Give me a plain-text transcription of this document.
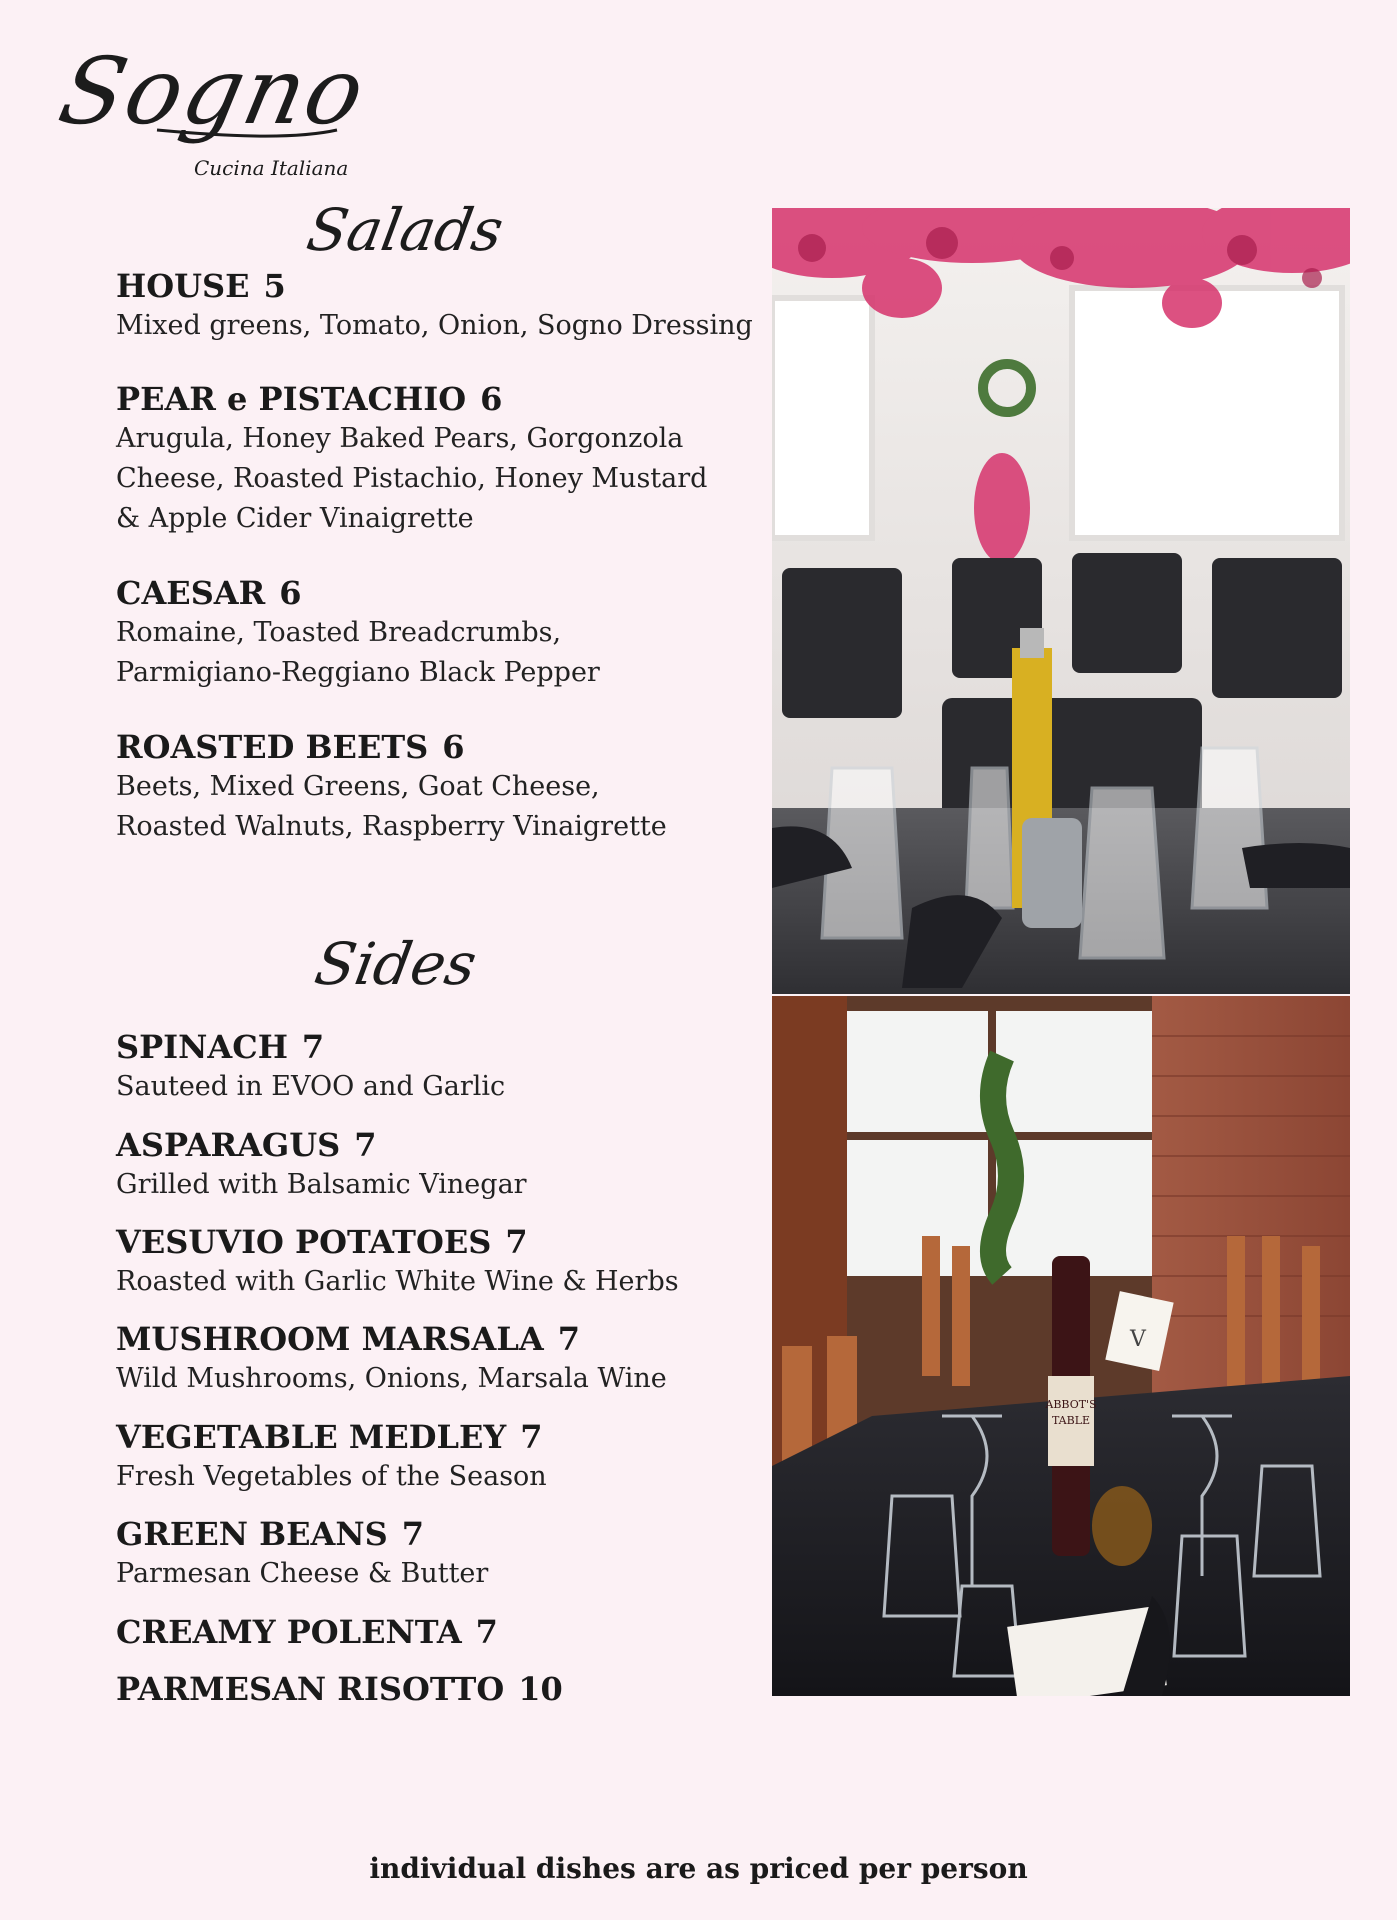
Sogno
Cucina Italiana
Salads
HOUSE 5
Mixed greens, Tomato, Onion, Sogno Dressing
PEAR e PISTACHIO 6
Arugula, Honey Baked Pears, Gorgonzola
Cheese, Roasted Pistachio, Honey Mustard
& Apple Cider Vinaigrette
CAESAR 6
Romaine, Toasted Breadcrumbs,
Parmigiano-Reggiano Black Pepper
ROASTED BEETS 6
Beets, Mixed Greens, Goat Cheese,
Roasted Walnuts, Raspberry Vinaigrette
Sides
SPINACH 7
Sauteed in EVOO and Garlic
ASPARAGUS 7
Grilled with Balsamic Vinegar
VESUVIO POTATOES 7
Roasted with Garlic White Wine & Herbs
MUSHROOM MARSALA 7
Wild Mushrooms, Onions, Marsala Wine
VEGETABLE MEDLEY 7
Fresh Vegetables of the Season
GREEN BEANS 7
Parmesan Cheese & Butter
CREAMY POLENTA 7
PARMESAN RISOTTO 10
ABBOT'S
TABLE
V
individual dishes are as priced per person
